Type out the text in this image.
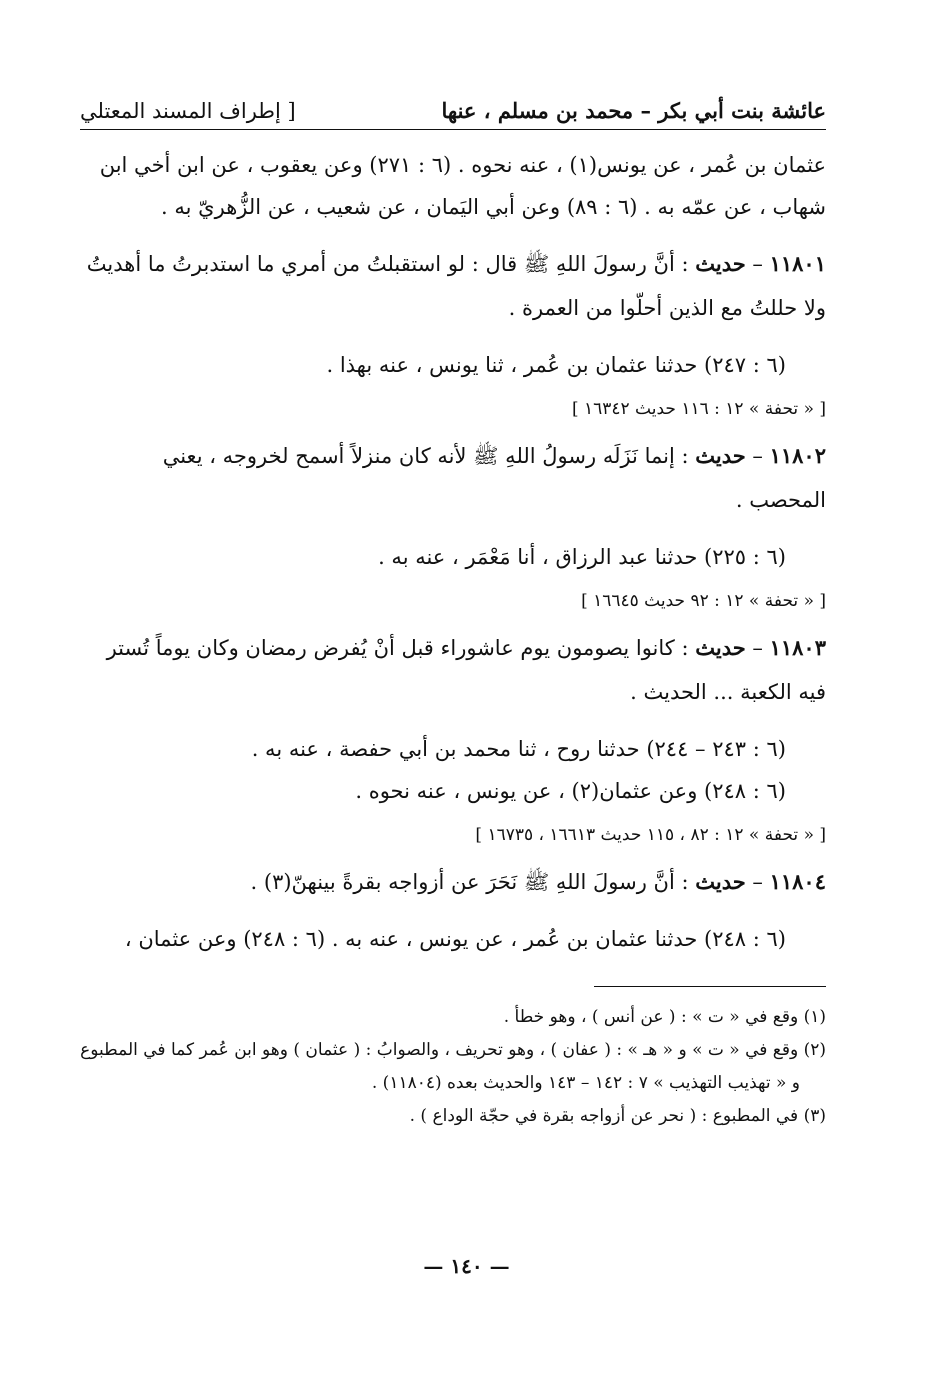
عائشة بنت أبي بكر – محمد بن مسلم ، عنها
[ إطراف المسند المعتلي
عثمان بن عُمر ، عن يونس(١) ، عنه نحوه . (٦ : ٢٧١) وعن يعقوب ، عن ابن أخي ابن
شهاب ، عن عمّه به . (٦ : ٨٩) وعن أبي اليَمان ، عن شعيب ، عن الزُّهريّ به .
١١٨٠١ – حديث : أنَّ رسولَ اللهِ ﷺ قال : لو استقبلتُ من أمري ما استدبرتُ ما أهديتُ ولا حللتُ مع الذين أحلّوا من العمرة .
(٦ : ٢٤٧) حدثنا عثمان بن عُمر ، ثنا يونس ، عنه بهذا .
[ « تحفة » ١٢ : ١١٦ حديث ١٦٣٤٢ ]
١١٨٠٢ – حديث : إنما نَزَلَه رسولُ اللهِ ﷺ لأنه كان منزلاً أسمح لخروجه ، يعني المحصب .
(٦ : ٢٢٥) حدثنا عبد الرزاق ، أنا مَعْمَر ، عنه به .
[ « تحفة » ١٢ : ٩٢ حديث ١٦٦٤٥ ]
١١٨٠٣ – حديث : كانوا يصومون يوم عاشوراء قبل أنْ يُفرض رمضان وكان يوماً تُستر فيه الكعبة ... الحديث .
(٦ : ٢٤٣ – ٢٤٤) حدثنا روح ، ثنا محمد بن أبي حفصة ، عنه به .
(٦ : ٢٤٨) وعن عثمان(٢) ، عن يونس ، عنه نحوه .
[ « تحفة » ١٢ : ٨٢ ، ١١٥ حديث ١٦٦١٣ ، ١٦٧٣٥ ]
١١٨٠٤ – حديث : أنَّ رسولَ اللهِ ﷺ نَحَرَ عن أزواجه بقرةً بينهنّ(٣) .
(٦ : ٢٤٨) حدثنا عثمان بن عُمر ، عن يونس ، عنه به . (٦ : ٢٤٨) وعن عثمان ،
(١) وقع في « ت » : ( عن أنس ) ، وهو خطأ .
(٢) وقع في « ت » و « هـ » : ( عفان ) ، وهو تحريف ، والصوابُ : ( عثمان ) وهو ابن عُمر كما في المطبوع
و « تهذيب التهذيب » ٧ : ١٤٢ – ١٤٣ والحديث بعده (١١٨٠٤) .
(٣) في المطبوع : ( نحر عن أزواجه بقرة في حجّة الوداع ) .
— ١٤٠ —
